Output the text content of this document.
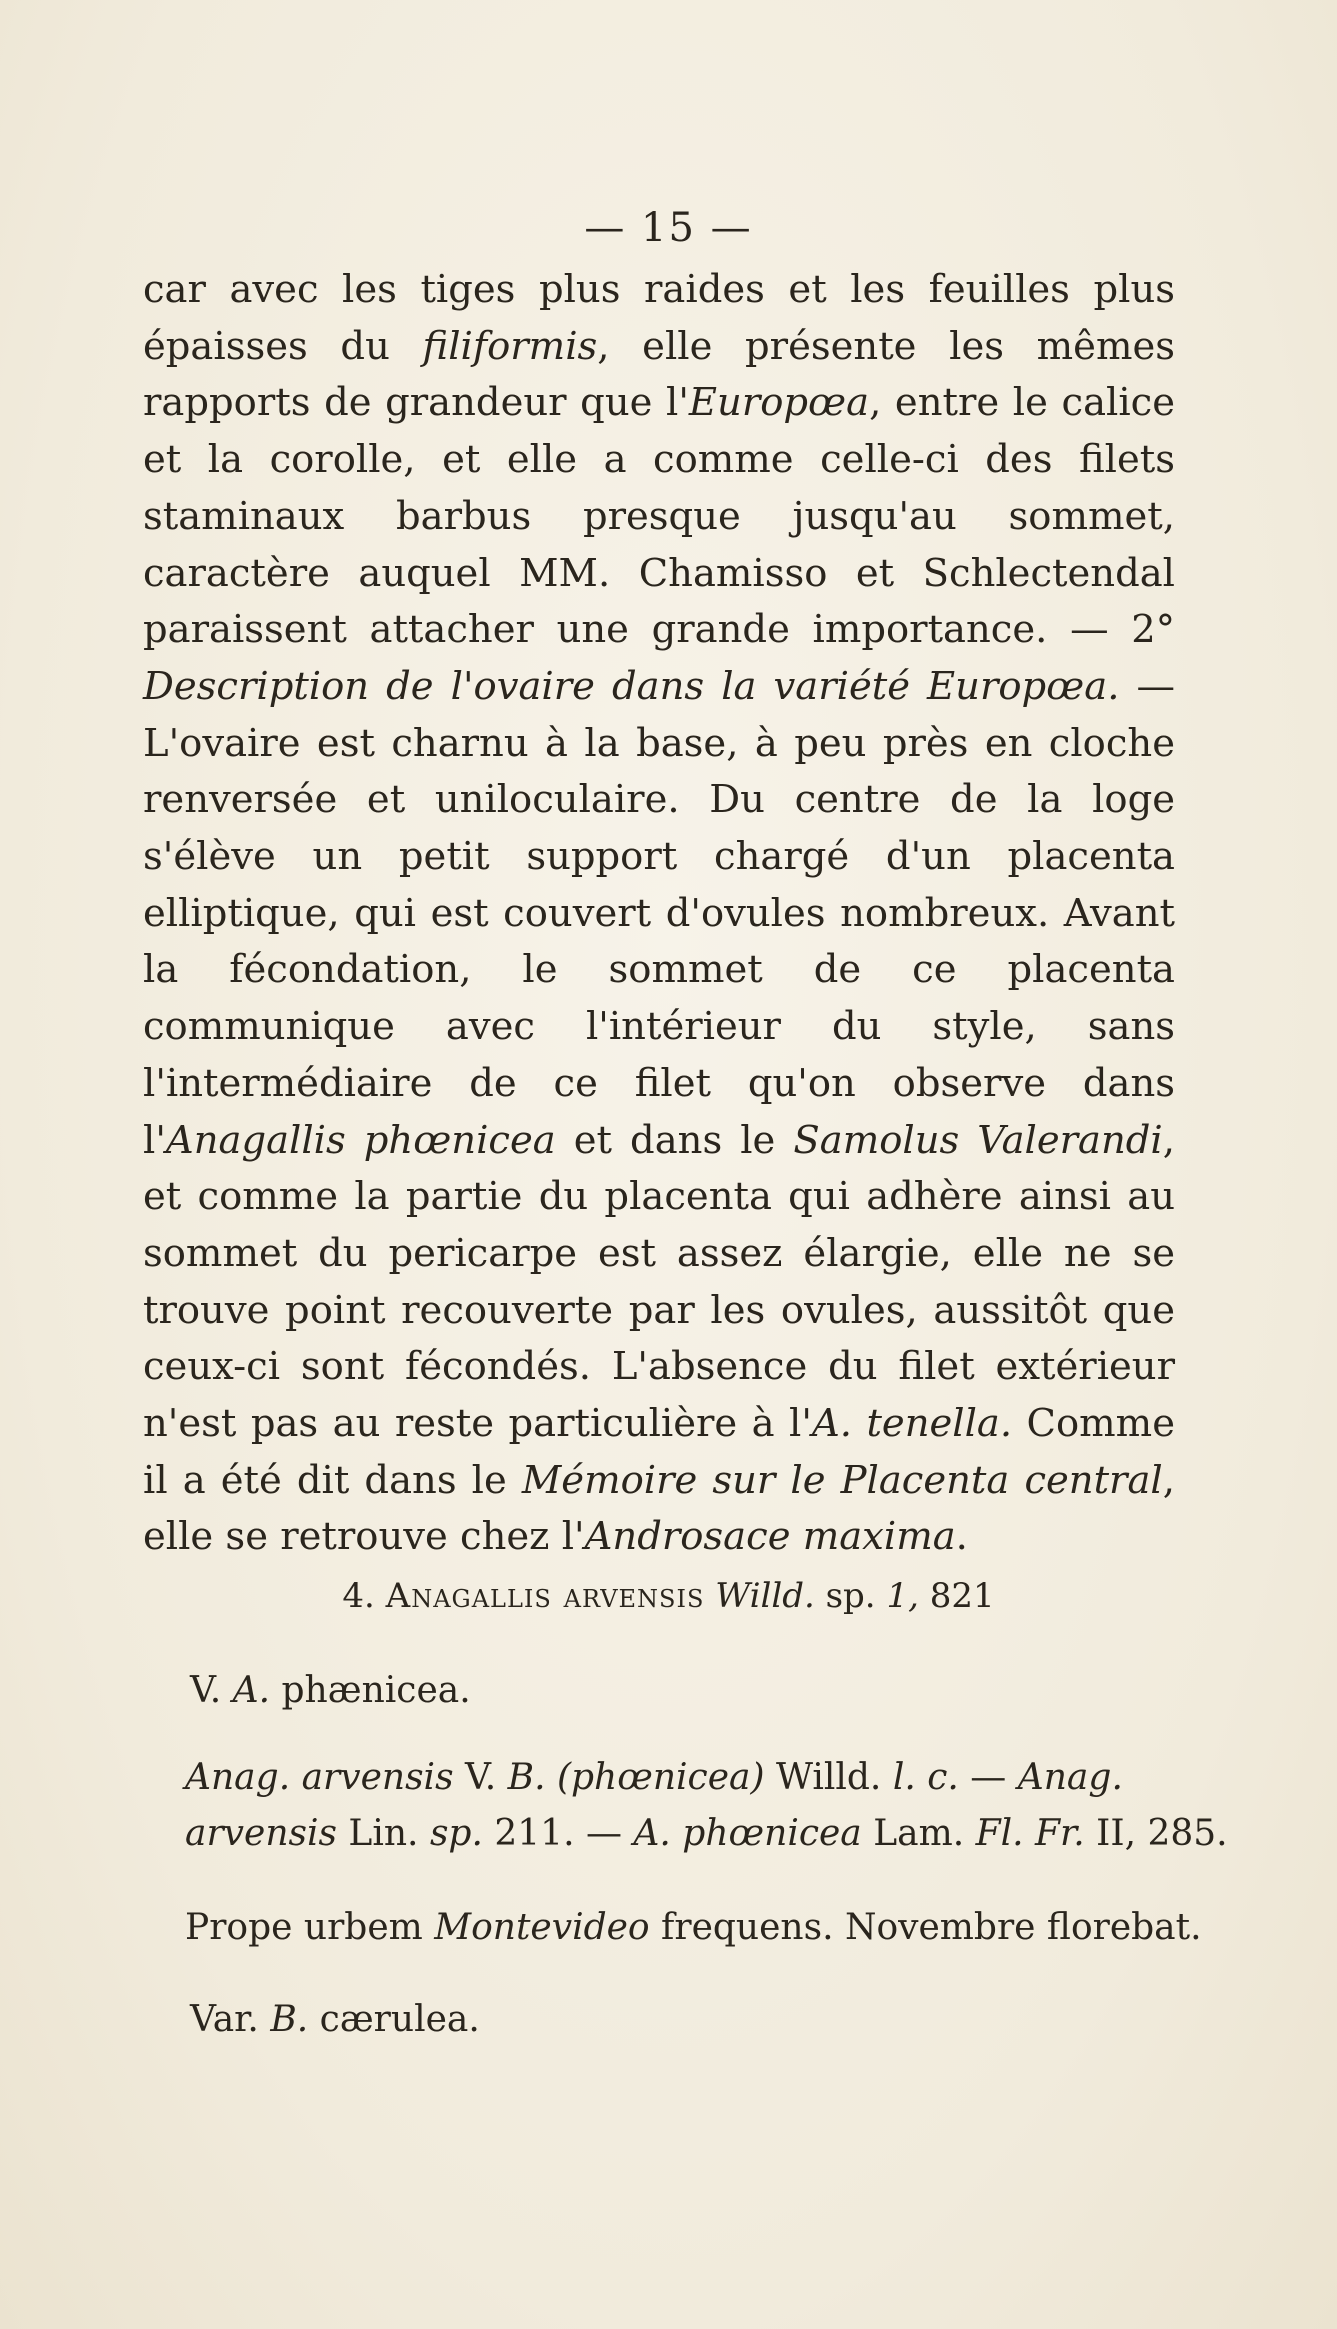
— 15 —
car avec les tiges plus raides et les feuilles plus épaisses du filiformis, elle présente les mêmes rapports de grandeur que l'Europœa, entre le calice et la corolle, et elle a comme celle-ci des filets staminaux barbus presque jusqu'au sommet, caractère auquel MM. Chamisso et Schlectendal paraissent attacher une grande importance. — 2° Description de l'ovaire dans la variété Europœa. — L'ovaire est charnu à la base, à peu près en cloche renversée et uniloculaire. Du centre de la loge s'élève un petit support chargé d'un placenta elliptique, qui est couvert d'ovules nombreux. Avant la fécondation, le sommet de ce placenta communique avec l'intérieur du style, sans l'intermédiaire de ce filet qu'on observe dans l'Anagallis phœnicea et dans le Samolus Valerandi, et comme la partie du placenta qui adhère ainsi au sommet du pericarpe est assez élargie, elle ne se trouve point recouverte par les ovules, aussitôt que ceux-ci sont fécondés. L'absence du filet extérieur n'est pas au reste particulière à l'A. tenella. Comme il a été dit dans le Mémoire sur le Placenta central, elle se retrouve chez l'Androsace maxima.
4. Anagallis arvensis Willd. sp. 1, 821
V. A. phænicea.
Anag. arvensis V. B. (phœnicea) Willd. l. c. — Anag.
arvensis Lin. sp. 211. — A. phœnicea Lam. Fl. Fr. II, 285.
Prope urbem Montevideo frequens. Novembre florebat.
Var. B. cærulea.
